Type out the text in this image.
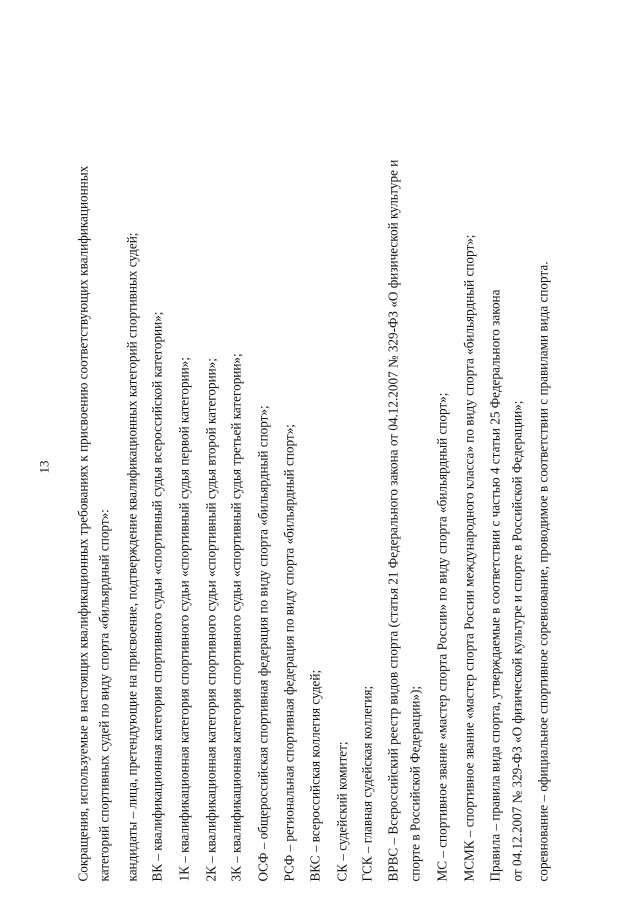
13 Сокращения, используемые в настоящих квалификационных требованиях к присвоению соответствующих квалификационных категорий спортивных судей по виду спорта «бильярдный спорт»: кандидаты – лица, претендующие на присвоение, подтверждение квалификационных категорий спортивных судей; ВК – квалификационная категория спортивного судьи «спортивный судья всероссийской категории»; 1К – квалификационная категория спортивного судьи «спортивный судья первой категории»; 2К – квалификационная категория спортивного судьи «спортивный судья второй категории»; 3К – квалификационная категория спортивного судьи «спортивный судья третьей категории»; ОСФ – общероссийская спортивная федерация по виду спорта «бильярдный спорт»; РСФ – региональная спортивная федерация по виду спорта «бильярдный спорт»; ВКС – всероссийская коллегия судей; СК – судейский комитет; ГСК – главная судейская коллегия; ВРВС – Всероссийский реестр видов спорта (статья 21 Федерального закона от 04.12.2007 № 329-ФЗ «О физической культуре и спорте в Российской Федерации»); МС – спортивное звание «мастер спорта России» по виду спорта «бильярдный спорт»; МСМК – спортивное звание «мастер спорта России международного класса» по виду спорта «бильярдный спорт»; Правила – правила вида спорта, утверждаемые в соответствии с частью 4 статьи 25 Федерального закона от 04.12.2007 № 329-ФЗ «О физической культуре и спорте в Российской Федерации»; соревнование – официальное спортивное соревнование, проводимое в соответствии с правилами вида спорта.
